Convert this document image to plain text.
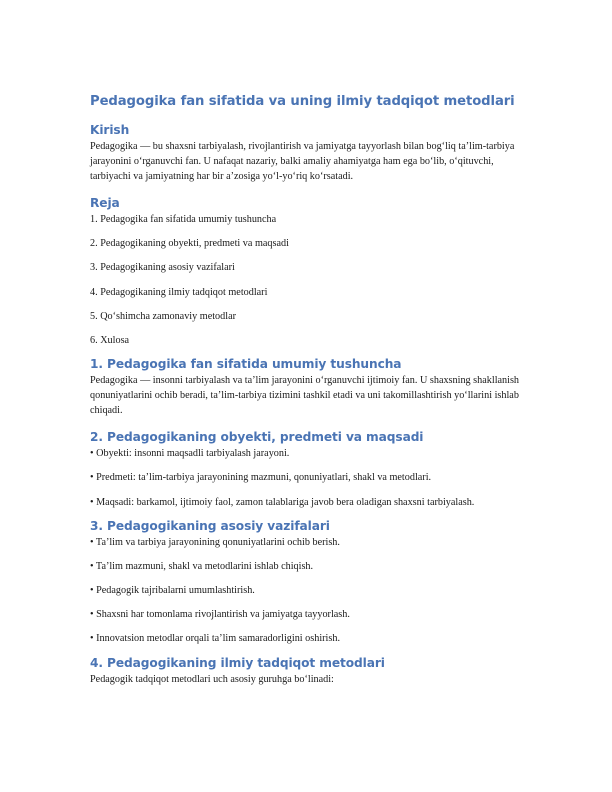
Pedagogika fan sifatida va uning ilmiy tadqiqot metodlari
Kirish

Pedagogika — bu shaxsni tarbiyalash, rivojlantirish va jamiyatga tayyorlash bilan bog‘liq ta’lim-tarbiya jarayonini o‘rganuvchi fan. U nafaqat nazariy, balki amaliy ahamiyatga ham ega bo‘lib, o‘qituvchi, tarbiyachi va jamiyatning har bir a’zosiga yo‘l-yo‘riq ko‘rsatadi.

Reja
1. Pedagogika fan sifatida umumiy tushuncha
2. Pedagogikaning obyekti, predmeti va maqsadi
3. Pedagogikaning asosiy vazifalari
4. Pedagogikaning ilmiy tadqiqot metodlari
5. Qo‘shimcha zamonaviy metodlar
6. Xulosa
1. Pedagogika fan sifatida umumiy tushuncha

Pedagogika — insonni tarbiyalash va ta’lim jarayonini o‘rganuvchi ijtimoiy fan. U shaxsning shakllanish qonuniyatlarini ochib beradi, ta’lim-tarbiya tizimini tashkil etadi va uni takomillashtirish yo‘llarini ishlab chiqadi.

2. Pedagogikaning obyekti, predmeti va maqsadi
• Obyekti: insonni maqsadli tarbiyalash jarayoni.
• Predmeti: ta’lim-tarbiya jarayonining mazmuni, qonuniyatlari, shakl va metodlari.
• Maqsadi: barkamol, ijtimoiy faol, zamon talablariga javob bera oladigan shaxsni tarbiyalash.
3. Pedagogikaning asosiy vazifalari
• Ta’lim va tarbiya jarayonining qonuniyatlarini ochib berish.
• Ta’lim mazmuni, shakl va metodlarini ishlab chiqish.
• Pedagogik tajribalarni umumlashtirish.
• Shaxsni har tomonlama rivojlantirish va jamiyatga tayyorlash.
• Innovatsion metodlar orqali ta’lim samaradorligini oshirish.
4. Pedagogikaning ilmiy tadqiqot metodlari

Pedagogik tadqiqot metodlari uch asosiy guruhga bo‘linadi:
